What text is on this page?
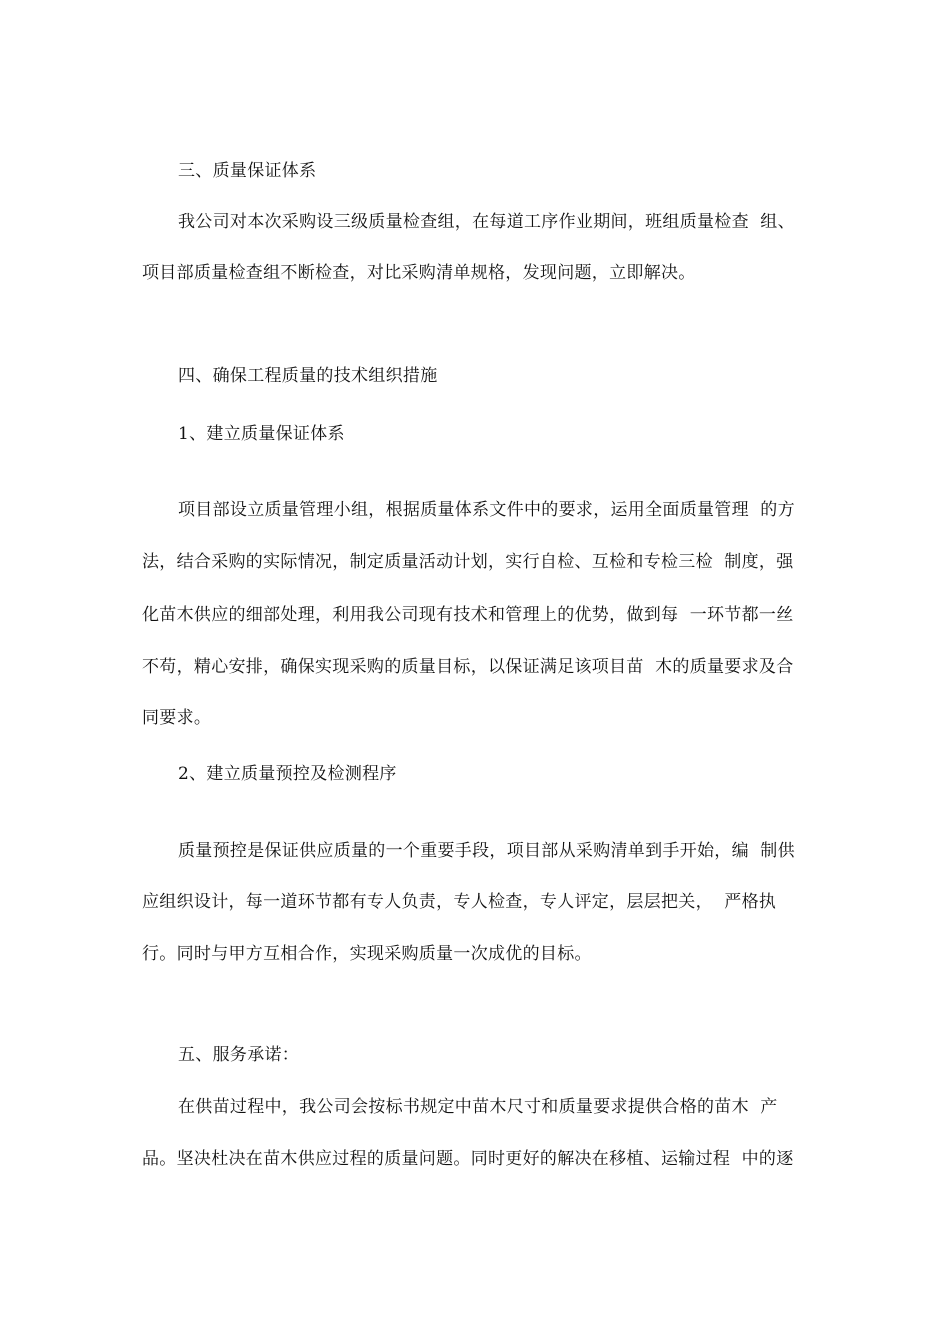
三、质量保证体系
我公司对本次采购设三级质量检查组，在每道工序作业期间，班组质量检查  组、
项目部质量检查组不断检查，对比采购清单规格，发现问题，立即解决。
四、确保工程质量的技术组织措施
1、建立质量保证体系
项目部设立质量管理小组，根据质量体系文件中的要求，运用全面质量管理  的方
法，结合采购的实际情况，制定质量活动计划，实行自检、互检和专检三检  制度，强
化苗木供应的细部处理，利用我公司现有技术和管理上的优势，做到每  一环节都一丝
不苟，精心安排，确保实现采购的质量目标，以保证满足该项目苗  木的质量要求及合
同要求。
2、建立质量预控及检测程序
质量预控是保证供应质量的一个重要手段，项目部从采购清单到手开始，编  制供
应组织设计，每一道环节都有专人负责，专人检查，专人评定，层层把关，  严格执
行。同时与甲方互相合作，实现采购质量一次成优的目标。
五、服务承诺：
在供苗过程中，我公司会按标书规定中苗木尺寸和质量要求提供合格的苗木  产
品。坚决杜决在苗木供应过程的质量问题。同时更好的解决在移植、运输过程  中的逐
